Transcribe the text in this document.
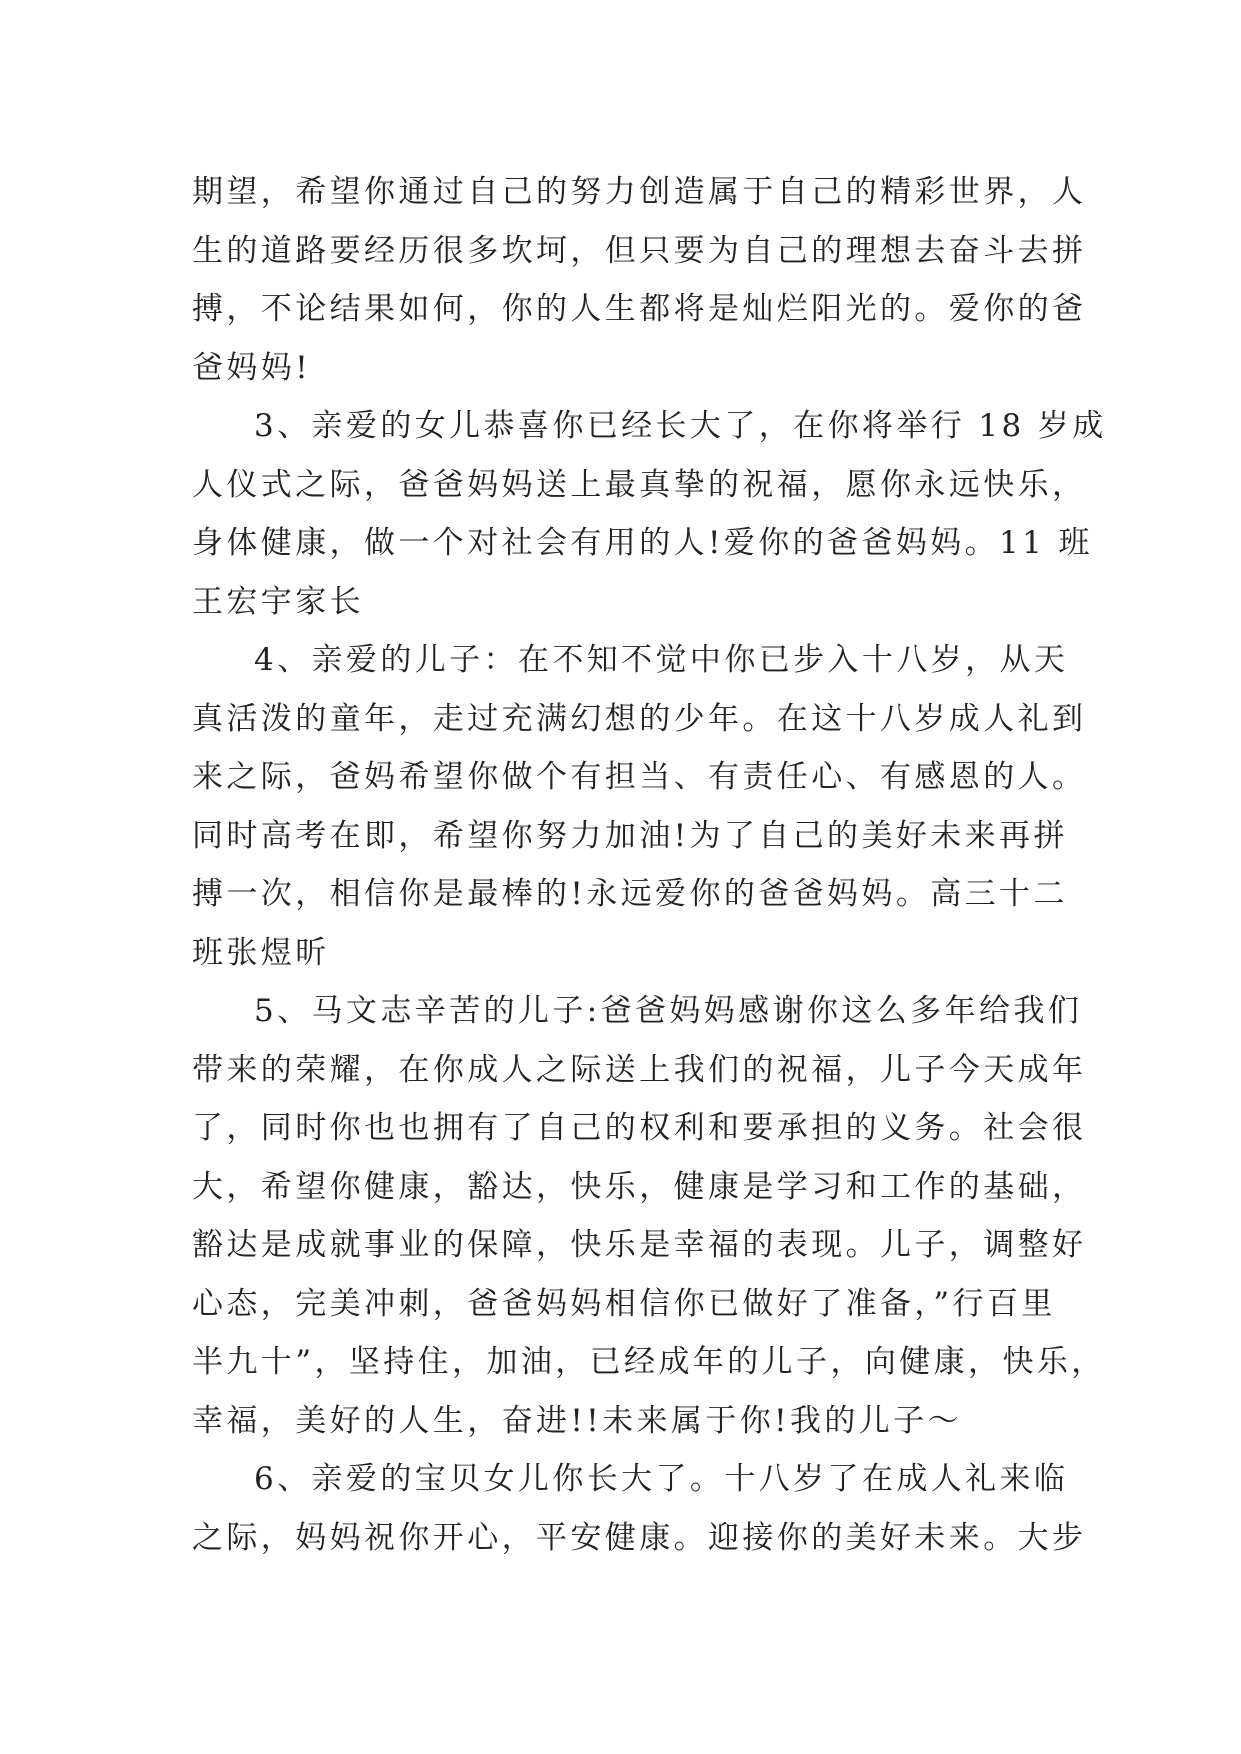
期望，希望你通过自己的努力创造属于自己的精彩世界，人
生的道路要经历很多坎坷，但只要为自己的理想去奋斗去拼
搏，不论结果如何，你的人生都将是灿烂阳光的。爱你的爸
爸妈妈!
3、亲爱的女儿恭喜你已经长大了，在你将举行 18 岁成
人仪式之际，爸爸妈妈送上最真挚的祝福，愿你永远快乐，
身体健康，做一个对社会有用的人!爱你的爸爸妈妈。11 班
王宏宇家长
4、亲爱的儿子：在不知不觉中你已步入十八岁，从天
真活泼的童年，走过充满幻想的少年。在这十八岁成人礼到
来之际，爸妈希望你做个有担当、有责任心、有感恩的人。
同时高考在即，希望你努力加油!为了自己的美好未来再拼
搏一次，相信你是最棒的!永远爱你的爸爸妈妈。高三十二
班张煜昕
5、马文志辛苦的儿子:爸爸妈妈感谢你这么多年给我们
带来的荣耀，在你成人之际送上我们的祝福，儿子今天成年
了，同时你也也拥有了自己的权利和要承担的义务。社会很
大，希望你健康，豁达，快乐，健康是学习和工作的基础，
豁达是成就事业的保障，快乐是幸福的表现。儿子，调整好
心态，完美冲刺，爸爸妈妈相信你已做好了准备，”行百里
半九十”，坚持住，加油，已经成年的儿子，向健康，快乐，
幸福，美好的人生，奋进!!未来属于你!我的儿子～
6、亲爱的宝贝女儿你长大了。十八岁了在成人礼来临
之际，妈妈祝你开心，平安健康。迎接你的美好未来。大步
